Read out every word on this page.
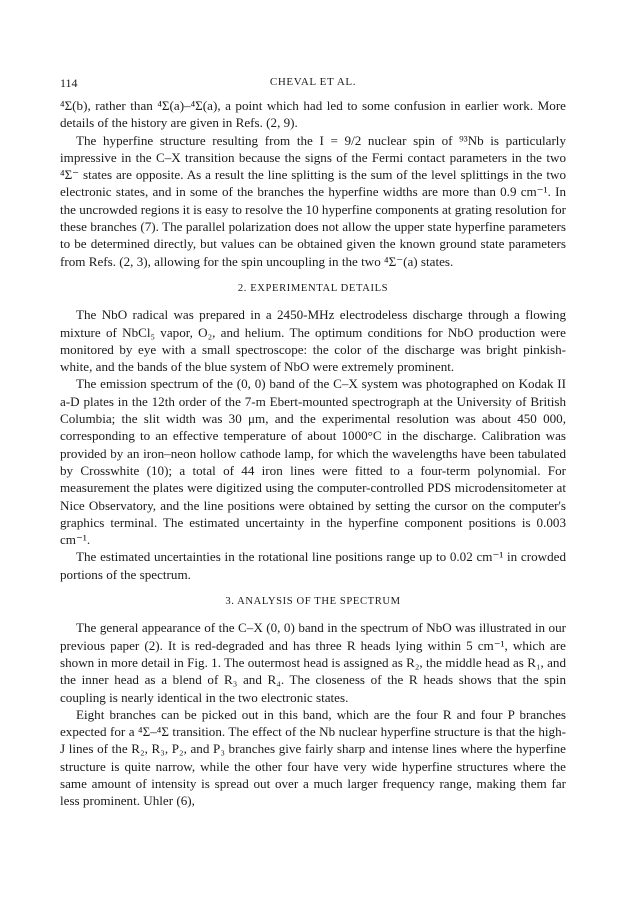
114	CHEVAL ET AL.

⁴Σ(b), rather than ⁴Σ(a)–⁴Σ(a), a point which had led to some confusion in earlier work. More details of the history are given in Refs. (2, 9).

The hyperfine structure resulting from the I = 9/2 nuclear spin of ⁹³Nb is particularly impressive in the C–X transition because the signs of the Fermi contact parameters in the two ⁴Σ⁻ states are opposite. As a result the line splitting is the sum of the level splittings in the two electronic states, and in some of the branches the hyperfine widths are more than 0.9 cm⁻¹. In the uncrowded regions it is easy to resolve the 10 hyperfine components at grating resolution for these branches (7). The parallel polarization does not allow the upper state hyperfine parameters to be determined directly, but values can be obtained given the known ground state parameters from Refs. (2, 3), allowing for the spin uncoupling in the two ⁴Σ⁻(a) states.

2. EXPERIMENTAL DETAILS

The NbO radical was prepared in a 2450-MHz electrodeless discharge through a flowing mixture of NbCl₅ vapor, O₂, and helium. The optimum conditions for NbO production were monitored by eye with a small spectroscope: the color of the discharge was bright pinkish-white, and the bands of the blue system of NbO were extremely prominent.

The emission spectrum of the (0, 0) band of the C–X system was photographed on Kodak II a-D plates in the 12th order of the 7-m Ebert-mounted spectrograph at the University of British Columbia; the slit width was 30 μm, and the experimental resolution was about 450 000, corresponding to an effective temperature of about 1000°C in the discharge. Calibration was provided by an iron–neon hollow cathode lamp, for which the wavelengths have been tabulated by Crosswhite (10); a total of 44 iron lines were fitted to a four-term polynomial. For measurement the plates were digitized using the computer-controlled PDS microdensitometer at Nice Observatory, and the line positions were obtained by setting the cursor on the computer's graphics terminal. The estimated uncertainty in the hyperfine component positions is 0.003 cm⁻¹.

The estimated uncertainties in the rotational line positions range up to 0.02 cm⁻¹ in crowded portions of the spectrum.

3. ANALYSIS OF THE SPECTRUM

The general appearance of the C–X (0, 0) band in the spectrum of NbO was illustrated in our previous paper (2). It is red-degraded and has three R heads lying within 5 cm⁻¹, which are shown in more detail in Fig. 1. The outermost head is assigned as R₂, the middle head as R₁, and the inner head as a blend of R₃ and R₄. The closeness of the R heads shows that the spin coupling is nearly identical in the two electronic states.

Eight branches can be picked out in this band, which are the four R and four P branches expected for a ⁴Σ–⁴Σ transition. The effect of the Nb nuclear hyperfine structure is that the high-J lines of the R₂, R₃, P₂, and P₃ branches give fairly sharp and intense lines where the hyperfine structure is quite narrow, while the other four have very wide hyperfine structures where the same amount of intensity is spread out over a much larger frequency range, making them far less prominent. Uhler (6),
